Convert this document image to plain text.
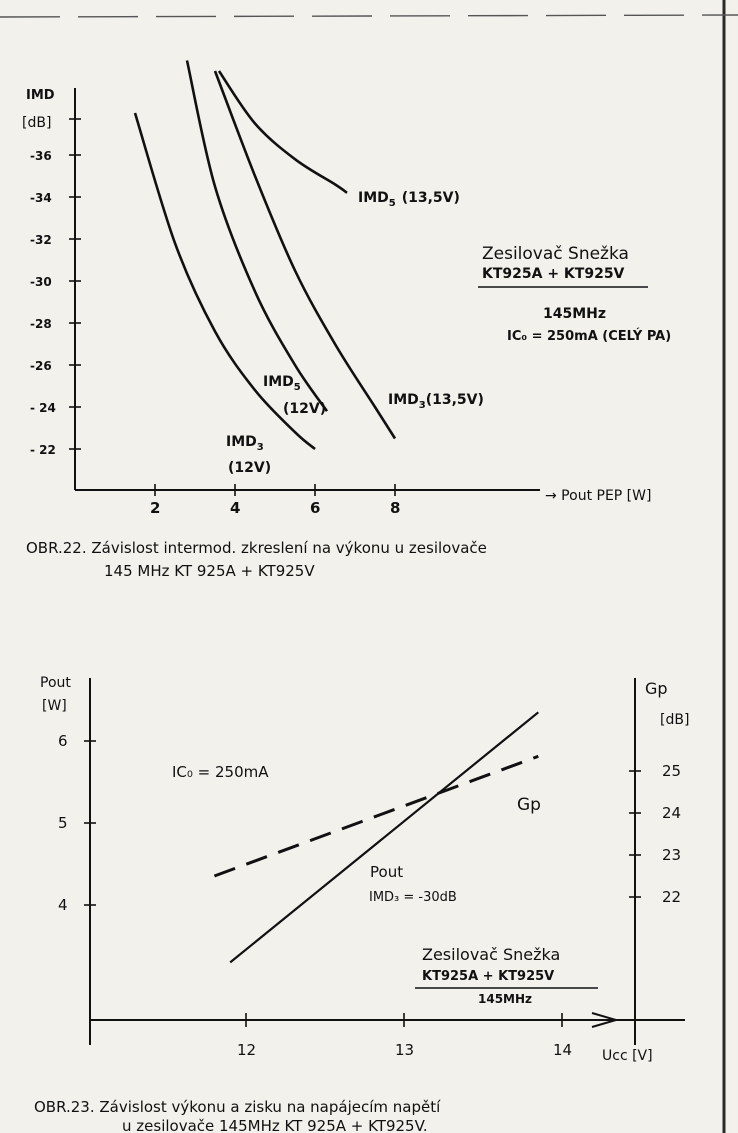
2	4	6	8
- 22
- 24
-26
-28
-30
-32
-34
-36
IMD
[dB]
→ Pout PEP [W]
$IMD_5$ (13,5V)
$IMD_3(13,5V)$
$IMD_5$
(12V)
$IMD_3$
(12V)
Zesilovač Snežka
KT925A + KT925V
145MHz
IC₀ = 250mA (CELÝ PA)
OBR.22. Závislost intermod. zkreslení na výkonu u zesilovače
145 MHz KT 925A + KT925V
12	13	14
4
5
6
22
23
24
25
Pout
[W]
Gp
[dB]
Ucc [V]
IC₀ = 250mA
Pout
IMD₃ = -30dB
Gp
Zesilovač Snežka
KT925A + KT925V
145MHz
OBR.23. Závislost výkonu a zisku na napájecím napětí
u zesilovače 145MHz KT 925A + KT925V.
